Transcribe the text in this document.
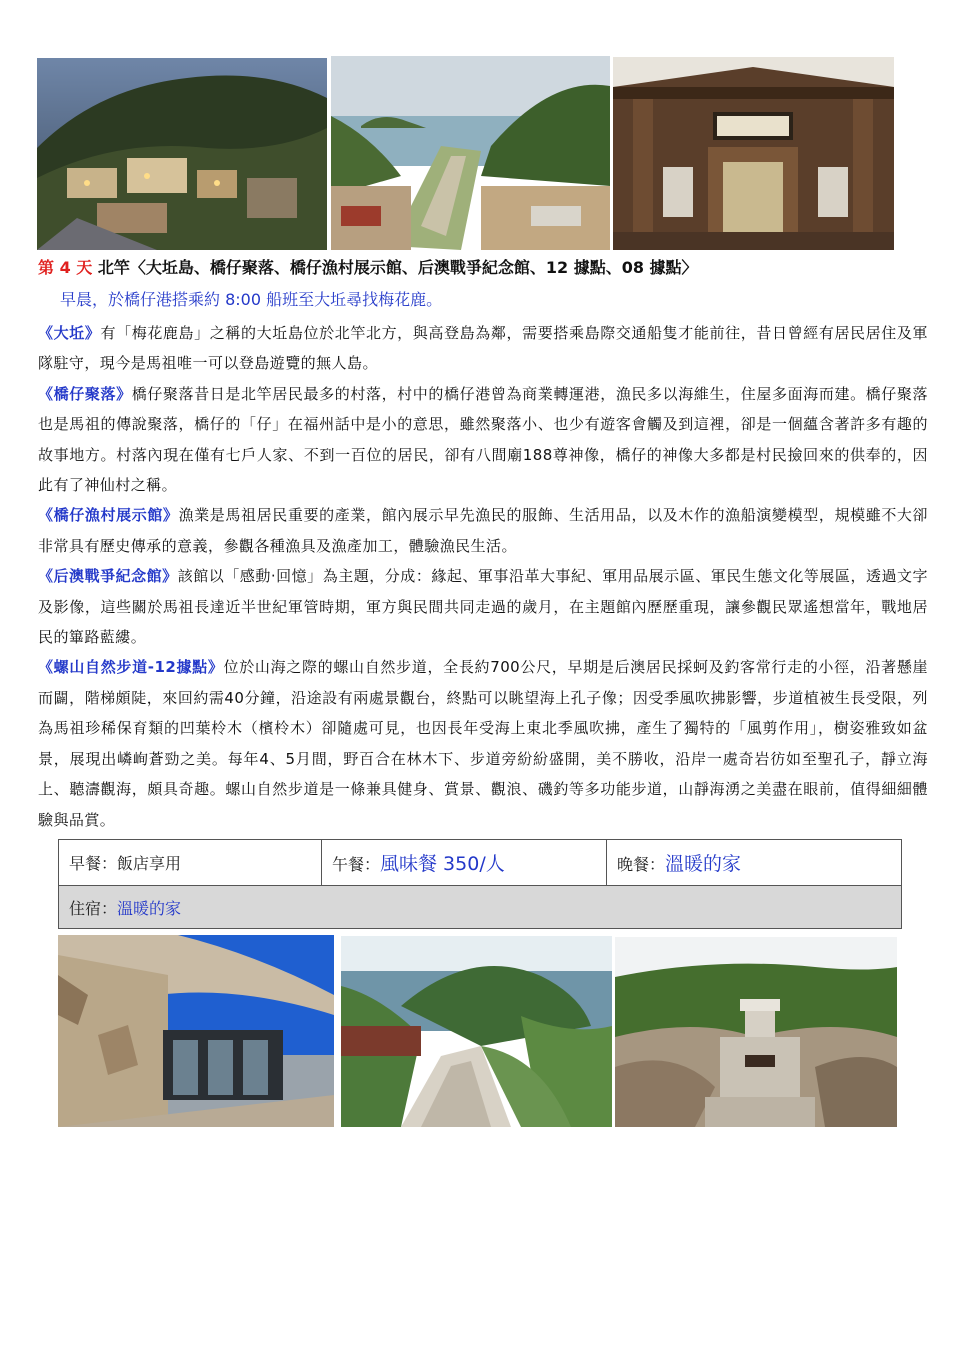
第 4 天 北竿〈大坵島、橋仔聚落、橋仔漁村展示館、后澳戰爭紀念館、12 據點、08 據點〉
早晨，於橋仔港搭乘約 8:00 船班至大坵尋找梅花鹿。

《大坵》有「梅花鹿島」之稱的大坵島位於北竿北方，與高登島為鄰，需要搭乘島際交通船隻才能前往，昔日曾經有居民居住及軍隊駐守，現今是馬祖唯一可以登島遊覽的無人島。

《橋仔聚落》橋仔聚落昔日是北竿居民最多的村落，村中的橋仔港曾為商業轉運港，漁民多以海維生，住屋多面海而建。橋仔聚落也是馬祖的傳說聚落，橋仔的「仔」在福州話中是小的意思，雖然聚落小、也少有遊客會觸及到這裡，卻是一個蘊含著許多有趣的故事地方。村落內現在僅有七戶人家、不到一百位的居民，卻有八間廟188尊神像，橋仔的神像大多都是村民撿回來的供奉的，因此有了神仙村之稱。

《橋仔漁村展示館》漁業是馬祖居民重要的產業，館內展示早先漁民的服飾、生活用品，以及木作的漁船演變模型，規模雖不大卻非常具有歷史傳承的意義，參觀各種漁具及漁產加工，體驗漁民生活。

《后澳戰爭紀念館》該館以「感動‧回憶」為主題，分成：緣起、軍事沿革大事紀、軍用品展示區、軍民生態文化等展區，透過文字及影像，這些關於馬祖長達近半世紀軍管時期，軍方與民間共同走過的歲月，在主題館內歷歷重現，讓參觀民眾遙想當年，戰地居民的篳路藍縷。

《螺山自然步道-12據點》位於山海之際的螺山自然步道，全長約700公尺，早期是后澳居民採蚵及釣客常行走的小徑，沿著懸崖而闢，階梯頗陡，來回約需40分鐘，沿途設有兩處景觀台，終點可以眺望海上孔子像；因受季風吹拂影響，步道植被生長受限，列為馬祖珍稀保育類的凹葉柃木（檳柃木）卻隨處可見，也因長年受海上東北季風吹拂，產生了獨特的「風剪作用」，樹姿雅致如盆景，展現出嶙峋蒼勁之美。每年4、5月間，野百合在林木下、步道旁紛紛盛開，美不勝收，沿岸一處奇岩彷如至聖孔子，靜立海上、聽濤觀海，頗具奇趣。螺山自然步道是一條兼具健身、賞景、觀浪、磯釣等多功能步道，山靜海湧之美盡在眼前，值得細細體驗與品賞。

早餐：飯店享用	午餐：風味餐 350/人	晚餐：溫暖的家
住宿：溫暖的家
